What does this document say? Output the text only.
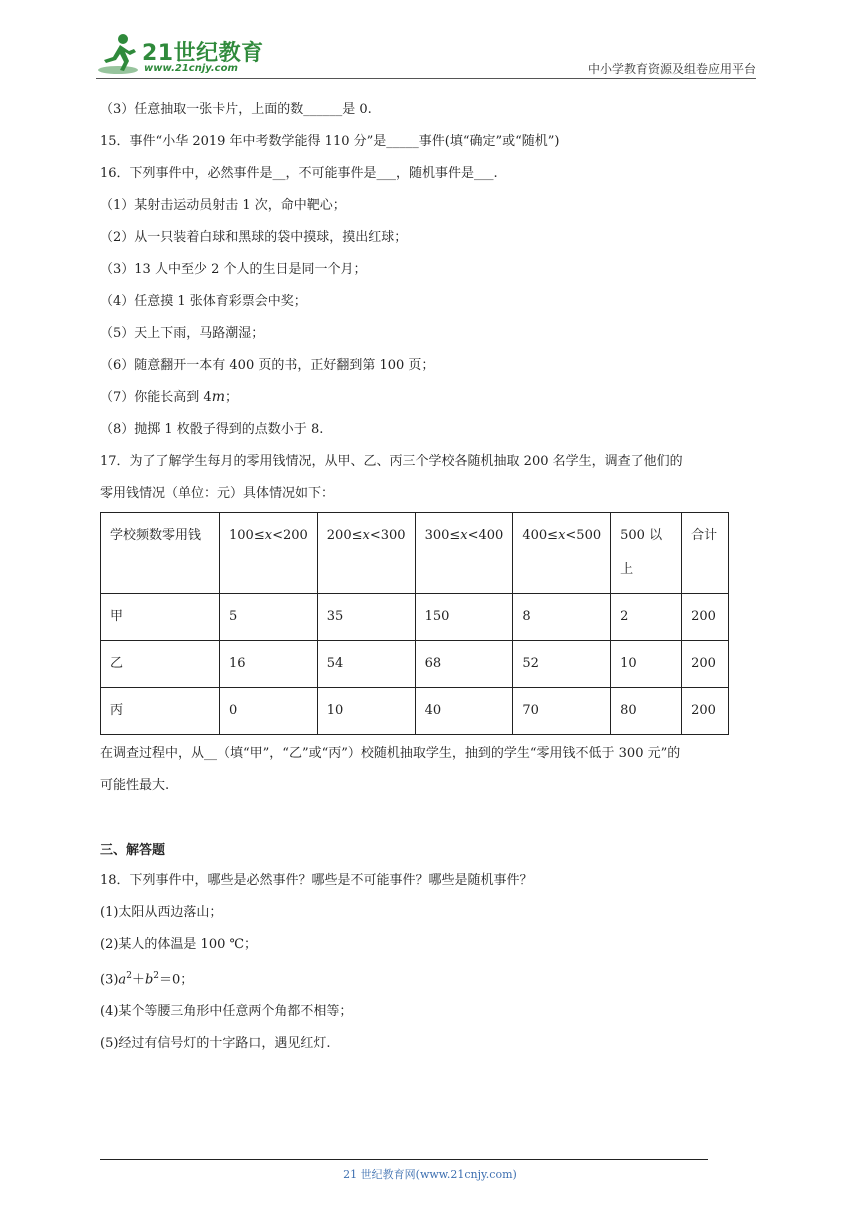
21世纪教育
www.21cnjy.com	中小学教育资源及组卷应用平台

（3）任意抽取一张卡片，上面的数______是 0.

15．事件“小华 2019 年中考数学能得 110 分”是_____事件(填“确定”或“随机”)

16．下列事件中，必然事件是__，不可能事件是___，随机事件是___.

（1）某射击运动员射击 1 次，命中靶心；

（2）从一只装着白球和黑球的袋中摸球，摸出红球；

（3）13 人中至少 2 个人的生日是同一个月；

（4）任意摸 1 张体育彩票会中奖；

（5）天上下雨，马路潮湿；

（6）随意翻开一本有 400 页的书，正好翻到第 100 页；

（7）你能长高到 4m；

（8）抛掷 1 枚骰子得到的点数小于 8.

17．为了了解学生每月的零用钱情况，从甲、乙、丙三个学校各随机抽取 200 名学生，调查了他们的

零用钱情况（单位：元）具体情况如下：

学校频数零用钱	100≤x<200	200≤x<300	300≤x<400	400≤x<500	500 以上	合计
甲	5	35	150	8	2	200
乙	16	54	68	52	10	200
丙	0	10	40	70	80	200

在调查过程中，从__（填“甲”，“乙”或“丙”）校随机抽取学生，抽到的学生“零用钱不低于 300 元”的

可能性最大.

三、解答题

18．下列事件中，哪些是必然事件？哪些是不可能事件？哪些是随机事件？

(1)太阳从西边落山；

(2)某人的体温是 100 ℃；

$(3)a^2+b^2=0$；

(4)某个等腰三角形中任意两个角都不相等；

(5)经过有信号灯的十字路口，遇见红灯.

21 世纪教育网(www.21cnjy.com)
